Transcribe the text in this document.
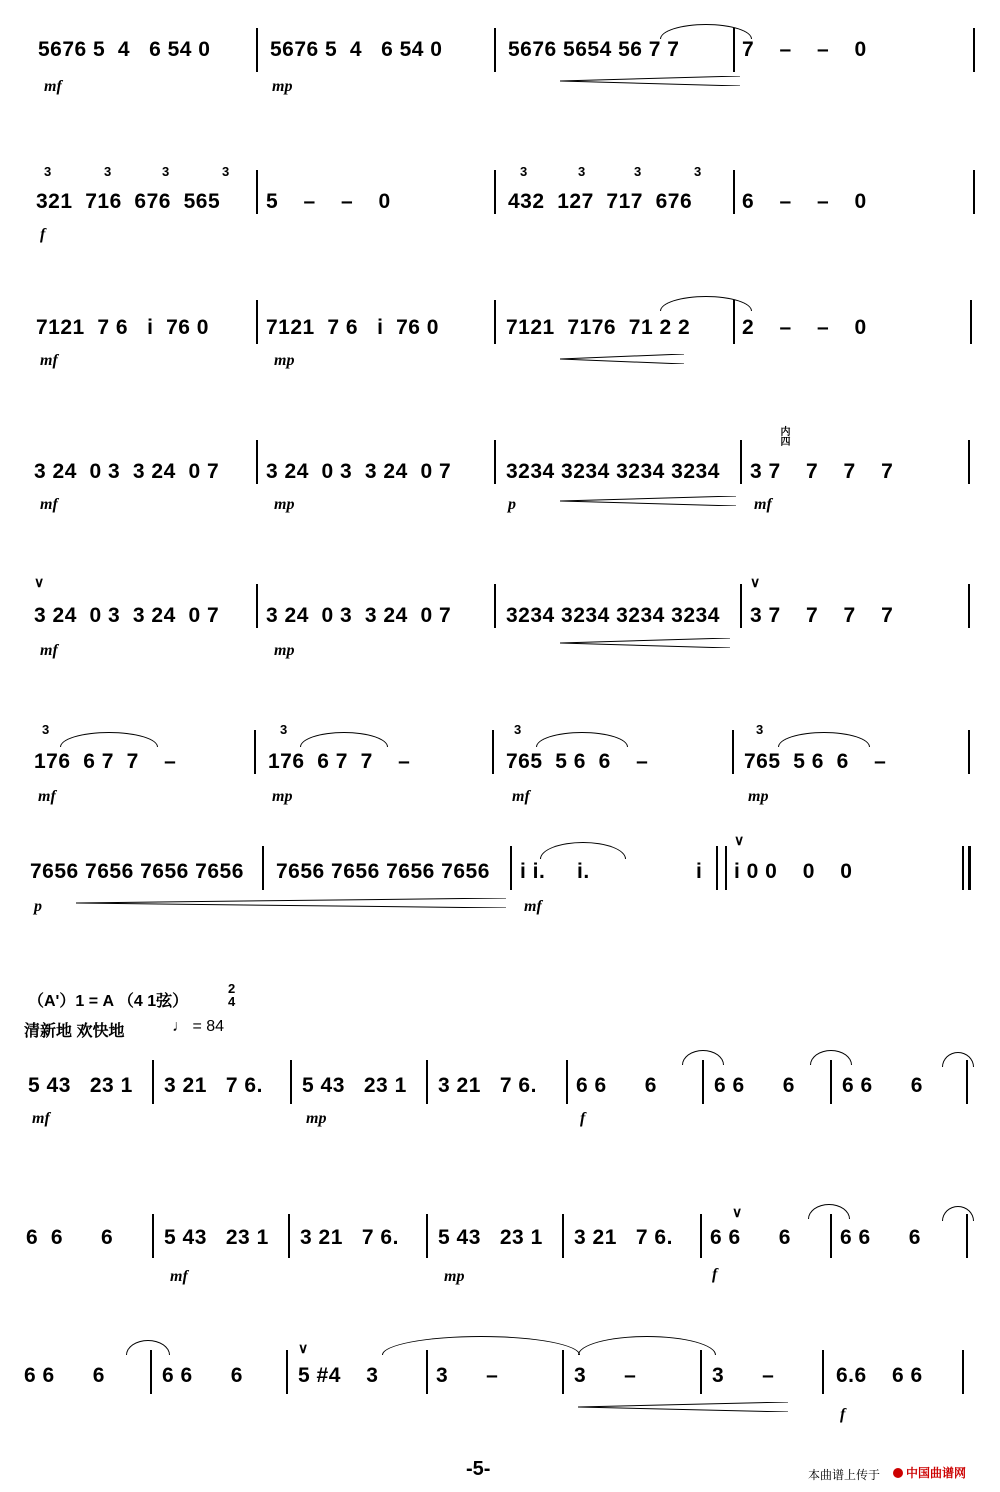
5676 5  4   6 54 0	5676 5  4   6 54 0	5676 5654 56 7 7	7    –    –    0
mf	mp
3	3	3	3	3	3	3	3
321  716  676  565 5    –    –    0	432  127  717  676 6    –    –    0
f
7121  7 6   i  76 0	7121  7 6   i  76 0	7121  7176  71 2 2 2    –    –    0
mf	mp
内四
3 24  0 3  3 24  0 7 3 24  0 3  3 24  0 7	3234 3234 3234 3234 3 7    7    7    7
mf	mp	p	mf
∨	∨
3 24  0 3  3 24  0 7 3 24  0 3  3 24  0 7	3234 3234 3234 3234 3 7    7    7    7
mf	mp
3	3	3	3
176  6 7  7    –	176  6 7  7    –	765  5 6  6    –	765  5 6  6    –
mf	mp	mf	mp
∨
7656 7656 7656 7656 7656 7656 7656 7656 i i.     i.	i i 0 0    0    0
p	mf
（A'）1 = A （4 1弦）
2
4
清新地 欢快地	♩ = 84
5 43   23 1 3 21   7 6. 5 43   23 1 3 21   7 6. 6 6      6	6 6      6 6 6      6
mf	mp	f
∨
6  6      6 5 43   23 1 3 21   7 6. 5 43   23 1 3 21   7 6. 6 6      6 6 6      6
mf	mp	f
∨
6 6      6	6 6      6	5 #4    3	3      –	3      –	3      –	6.6    6 6
f
-5-	本曲谱上传于	中国曲谱网
